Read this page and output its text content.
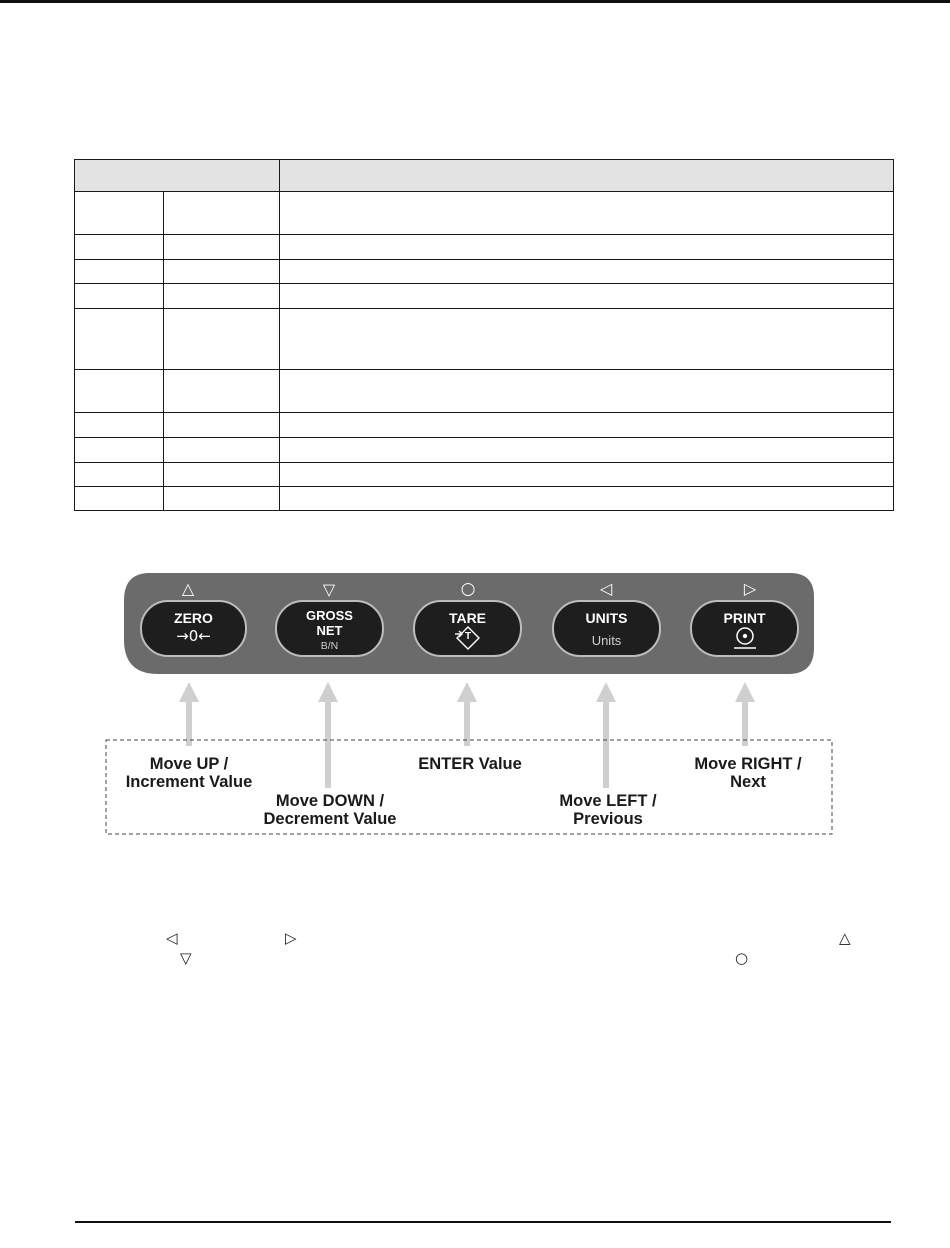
△	▽	○	◁	▷
ZERO
→0←
GROSS
NET
B/N
TARE
T
UNITS
Units
PRINT
Move UP /
Increment Value
Move DOWN /
Decrement Value
ENTER Value
Move LEFT /
Previous
Move RIGHT /
Next
◁	▷	△
▽	○
